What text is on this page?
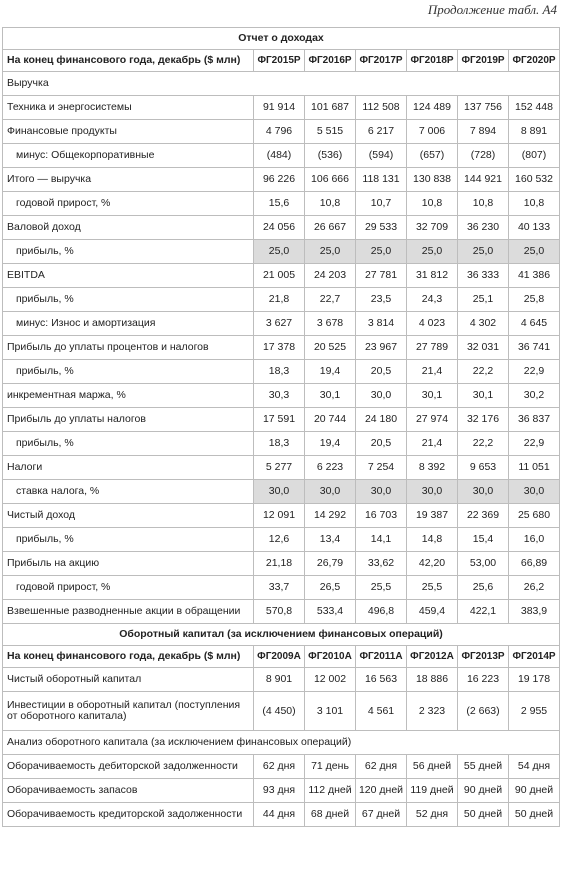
Продолжение табл. А4
Отчет о доходах						
На конец финансового года, декабрь ($ млн)	ФГ2015Р	ФГ2016Р	ФГ2017Р	ФГ2018Р	ФГ2019Р	ФГ2020Р
Выручка						
Техника и энергосистемы	91 914	101 687	112 508	124 489	137 756	152 448
Финансовые продукты	4 796	5 515	6 217	7 006	7 894	8 891
минус: Общекорпоративные	(484)	(536)	(594)	(657)	(728)	(807)
Итого — выручка	96 226	106 666	118 131	130 838	144 921	160 532
годовой прирост, %	15,6	10,8	10,7	10,8	10,8	10,8
Валовой доход	24 056	26 667	29 533	32 709	36 230	40 133
прибыль, %	25,0	25,0	25,0	25,0	25,0	25,0
EBITDA	21 005	24 203	27 781	31 812	36 333	41 386
прибыль, %	21,8	22,7	23,5	24,3	25,1	25,8
минус: Износ и амортизация	3 627	3 678	3 814	4 023	4 302	4 645
Прибыль до уплаты процентов и налогов	17 378	20 525	23 967	27 789	32 031	36 741
прибыль, %	18,3	19,4	20,5	21,4	22,2	22,9
инкрементная маржа, %	30,3	30,1	30,0	30,1	30,1	30,2
Прибыль до уплаты налогов	17 591	20 744	24 180	27 974	32 176	36 837
прибыль, %	18,3	19,4	20,5	21,4	22,2	22,9
Налоги	5 277	6 223	7 254	8 392	9 653	11 051
ставка налога, %	30,0	30,0	30,0	30,0	30,0	30,0
Чистый доход	12 091	14 292	16 703	19 387	22 369	25 680
прибыль, %	12,6	13,4	14,1	14,8	15,4	16,0
Прибыль на акцию	21,18	26,79	33,62	42,20	53,00	66,89
годовой прирост, %	33,7	26,5	25,5	25,5	25,6	26,2
Взвешенные разводненные акции в обращении	570,8	533,4	496,8	459,4	422,1	383,9
Оборотный капитал (за исключением финансовых операций)						
На конец финансового года, декабрь ($ млн)	ФГ2009А	ФГ2010А	ФГ2011А	ФГ2012А	ФГ2013Р	ФГ2014Р
Чистый оборотный капитал	8 901	12 002	16 563	18 886	16 223	19 178
Инвестиции в оборотный капитал (поступления от оборотного капитала)	(4 450)	3 101	4 561	2 323	(2 663)	2 955
Анализ оборотного капитала (за исключением финансовых операций)						
Оборачиваемость дебиторской задолженности	62 дня	71 день	62 дня	56 дней	55 дней	54 дня
Оборачиваемость запасов	93 дня	112 дней	120 дней	119 дней	90 дней	90 дней
Оборачиваемость кредиторской задолженности	44 дня	68 дней	67 дней	52 дня	50 дней	50 дней
